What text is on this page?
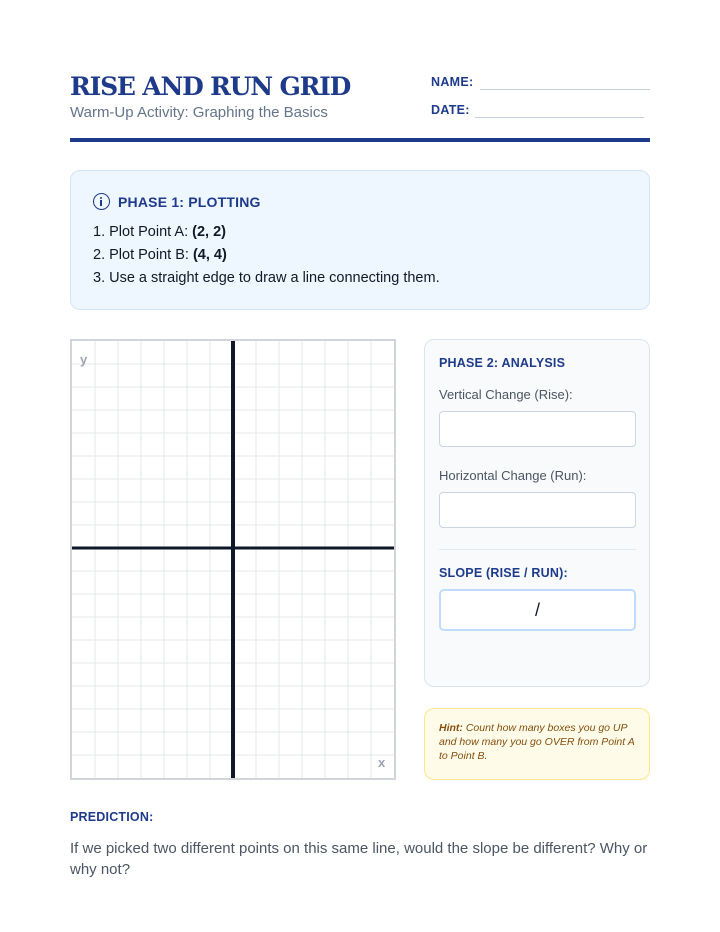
RISE AND RUN GRID
Warm-Up Activity: Graphing the Basics
NAME:
DATE:
PHASE 1: PLOTTING
1. Plot Point A: (2, 2)
2. Plot Point B: (4, 4)
3. Use a straight edge to draw a line connecting them.
y
x
PHASE 2: ANALYSIS
Vertical Change (Rise):
Horizontal Change (Run):
SLOPE (RISE / RUN):
/
Hint: Count how many boxes you go UP and how many you go OVER from Point A to Point B.
PREDICTION:
If we picked two different points on this same line, would the slope be different? Why or why not?
